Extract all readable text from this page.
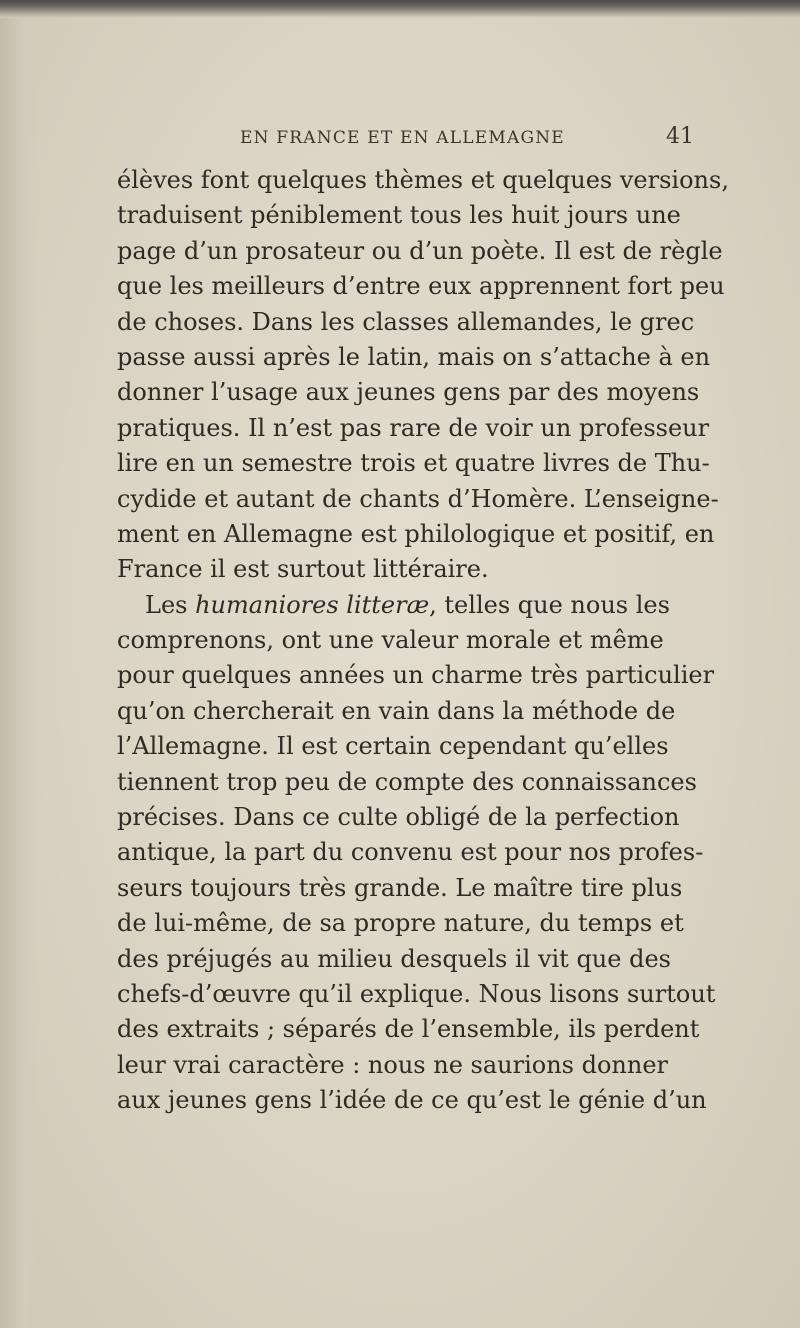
EN FRANCE ET EN ALLEMAGNE	41
élèves font quelques thèmes et quelques versions,
traduisent péniblement tous les huit jours une
page d’un prosateur ou d’un poète. Il est de règle
que les meilleurs d’entre eux apprennent fort peu
de choses. Dans les classes allemandes, le grec
passe aussi après le latin, mais on s’attache à en
donner l’usage aux jeunes gens par des moyens
pratiques. Il n’est pas rare de voir un professeur
lire en un semestre trois et quatre livres de Thu-
cydide et autant de chants d’Homère. L’enseigne-
ment en Allemagne est philologique et positif, en
France il est surtout littéraire.
Les humaniores litteræ, telles que nous les
comprenons, ont une valeur morale et même
pour quelques années un charme très particulier
qu’on chercherait en vain dans la méthode de
l’Allemagne. Il est certain cependant qu’elles
tiennent trop peu de compte des connaissances
précises. Dans ce culte obligé de la perfection
antique, la part du convenu est pour nos profes-
seurs toujours très grande. Le maître tire plus
de lui-même, de sa propre nature, du temps et
des préjugés au milieu desquels il vit que des
chefs-d’œuvre qu’il explique. Nous lisons surtout
des extraits ; séparés de l’ensemble, ils perdent
leur vrai caractère : nous ne saurions donner
aux jeunes gens l’idée de ce qu’est le génie d’un
